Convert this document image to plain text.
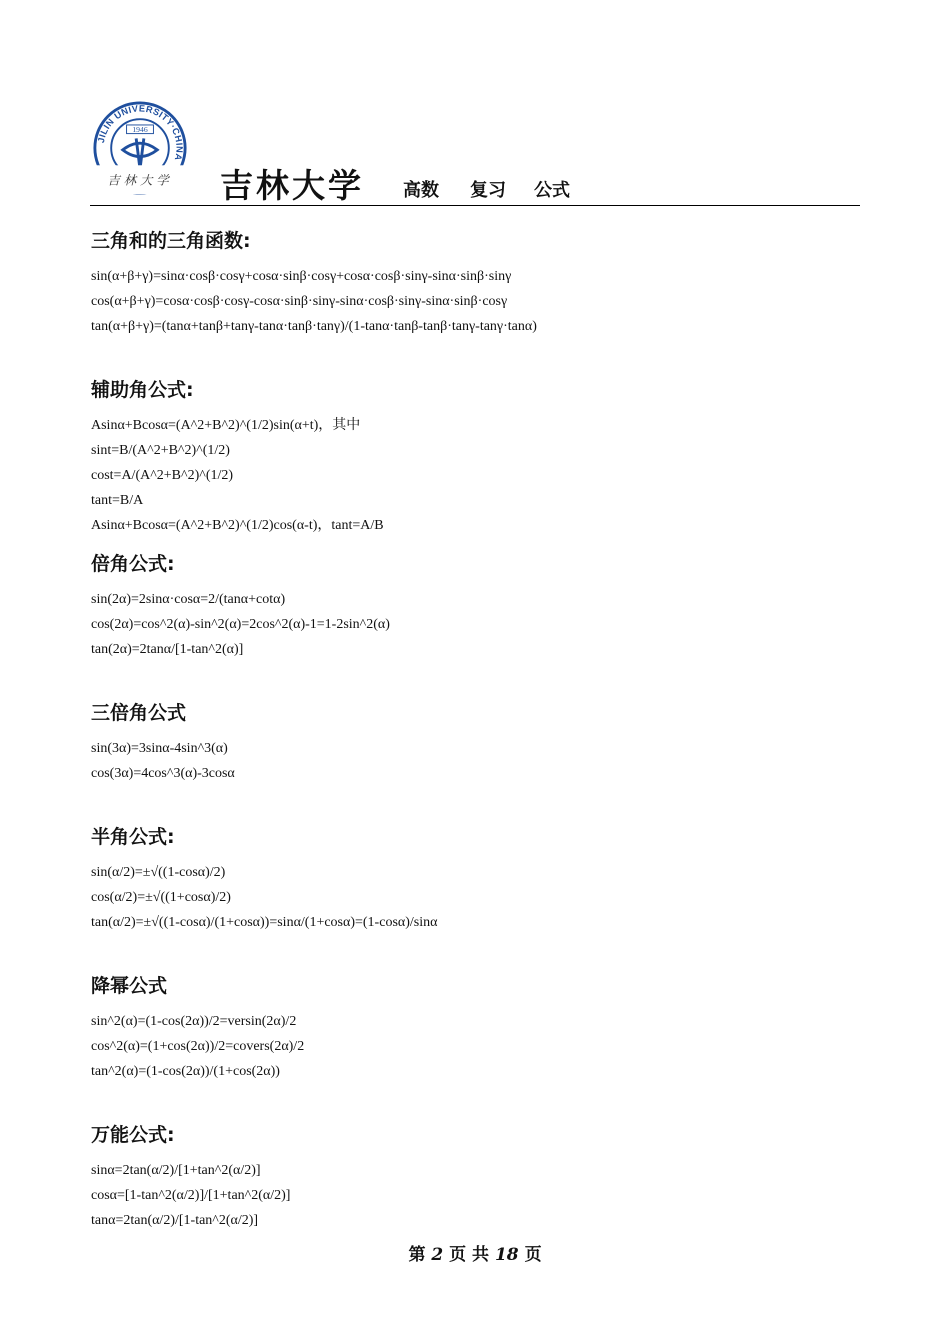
JILIN UNIVERSITY·CHINA
1946
吉林大学 吉林大学 高数 复习 公式
三角和的三角函数:
sin(α+β+γ)=sinα·cosβ·cosγ+cosα·sinβ·cosγ+cosα·cosβ·sinγ-sinα·sinβ·sinγ
cos(α+β+γ)=cosα·cosβ·cosγ-cosα·sinβ·sinγ-sinα·cosβ·sinγ-sinα·sinβ·cosγ
tan(α+β+γ)=(tanα+tanβ+tanγ-tanα·tanβ·tanγ)/(1-tanα·tanβ-tanβ·tanγ-tanγ·tanα)
辅助角公式:
Asinα+Bcosα=(A^2+B^2)^(1/2)sin(α+t)，其中
sint=B/(A^2+B^2)^(1/2)
cost=A/(A^2+B^2)^(1/2)
tant=B/A
Asinα+Bcosα=(A^2+B^2)^(1/2)cos(α-t)，tant=A/B
倍角公式:
sin(2α)=2sinα·cosα=2/(tanα+cotα)
cos(2α)=cos^2(α)-sin^2(α)=2cos^2(α)-1=1-2sin^2(α)
tan(2α)=2tanα/[1-tan^2(α)]
三倍角公式
sin(3α)=3sinα-4sin^3(α)
cos(3α)=4cos^3(α)-3cosα
半角公式:
sin(α/2)=±√((1-cosα)/2)
cos(α/2)=±√((1+cosα)/2)
tan(α/2)=±√((1-cosα)/(1+cosα))=sinα/(1+cosα)=(1-cosα)/sinα
降幂公式
sin^2(α)=(1-cos(2α))/2=versin(2α)/2
cos^2(α)=(1+cos(2α))/2=covers(2α)/2
tan^2(α)=(1-cos(2α))/(1+cos(2α))
万能公式:
sinα=2tan(α/2)/[1+tan^2(α/2)]
cosα=[1-tan^2(α/2)]/[1+tan^2(α/2)]
tanα=2tan(α/2)/[1-tan^2(α/2)]
第 2 页 共 18 页
